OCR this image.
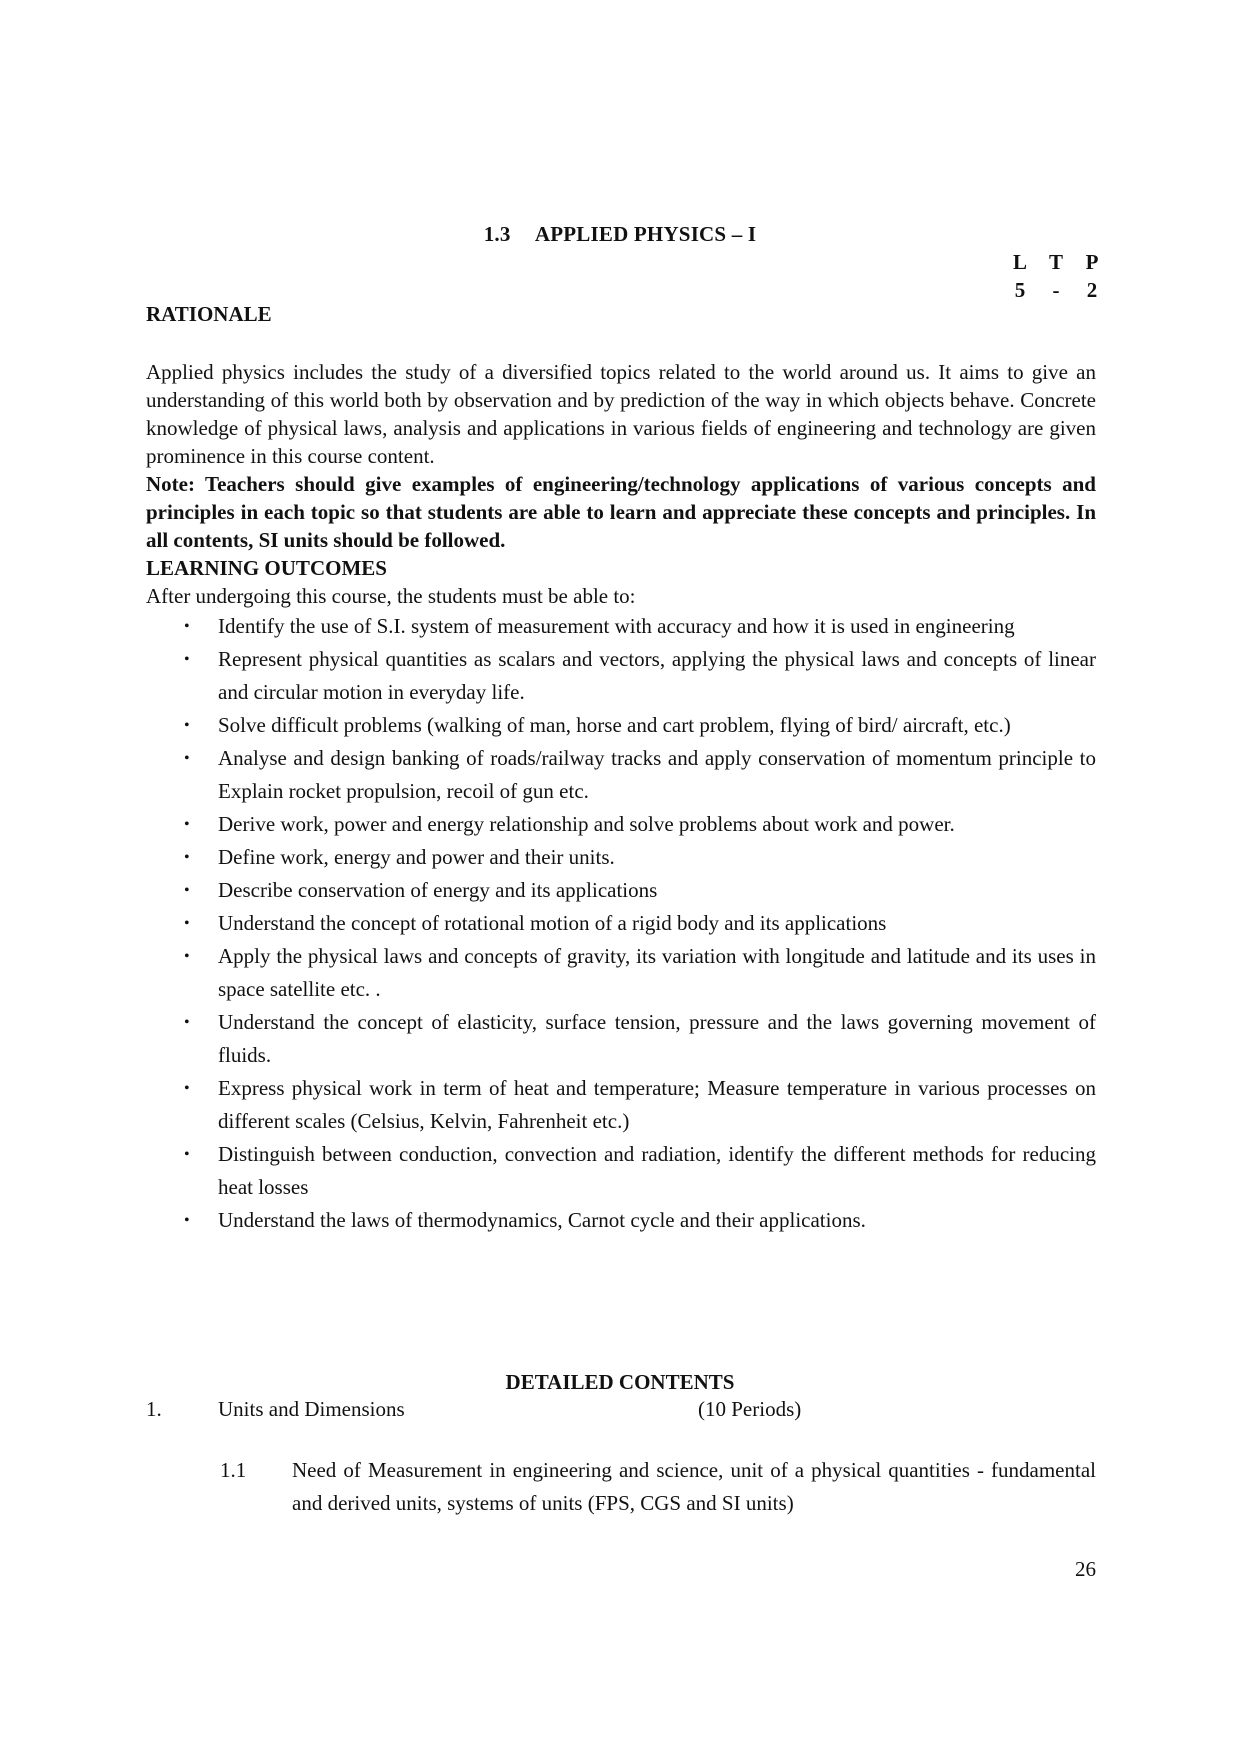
1.3 APPLIED PHYSICS – I
L T P
5 - 2
RATIONALE
Applied physics includes the study of a diversified topics related to the world around us. It aims to give an understanding of this world both by observation and by prediction of the way in which objects behave. Concrete knowledge of physical laws, analysis and applications in various fields of engineering and technology are given prominence in this course content.
Note: Teachers should give examples of engineering/technology applications of various concepts and principles in each topic so that students are able to learn and appreciate these concepts and principles. In all contents, SI units should be followed.
LEARNING OUTCOMES
After undergoing this course, the students must be able to:
• Identify the use of S.I. system of measurement with accuracy and how it is used in engineering
• Represent physical quantities as scalars and vectors, applying the physical laws and concepts of linear and circular motion in everyday life.
• Solve difficult problems (walking of man, horse and cart problem, flying of bird/ aircraft, etc.)
• Analyse and design banking of roads/railway tracks and apply conservation of momentum principle to Explain rocket propulsion, recoil of gun etc.
• Derive work, power and energy relationship and solve problems about work and power.
• Define work, energy and power and their units.
• Describe conservation of energy and its applications
• Understand the concept of rotational motion of a rigid body and its applications
• Apply the physical laws and concepts of gravity, its variation with longitude and latitude and its uses in space satellite etc. .
• Understand the concept of elasticity, surface tension, pressure and the laws governing movement of fluids.
• Express physical work in term of heat and temperature; Measure temperature in various processes on different scales (Celsius, Kelvin, Fahrenheit etc.)
• Distinguish between conduction, convection and radiation, identify the different methods for reducing heat losses
• Understand the laws of thermodynamics, Carnot cycle and their applications.
DETAILED CONTENTS
1.	Units and Dimensions	(10 Periods)
1.1	Need of Measurement in engineering and science, unit of a physical quantities - fundamental and derived units, systems of units (FPS, CGS and SI units)
26
